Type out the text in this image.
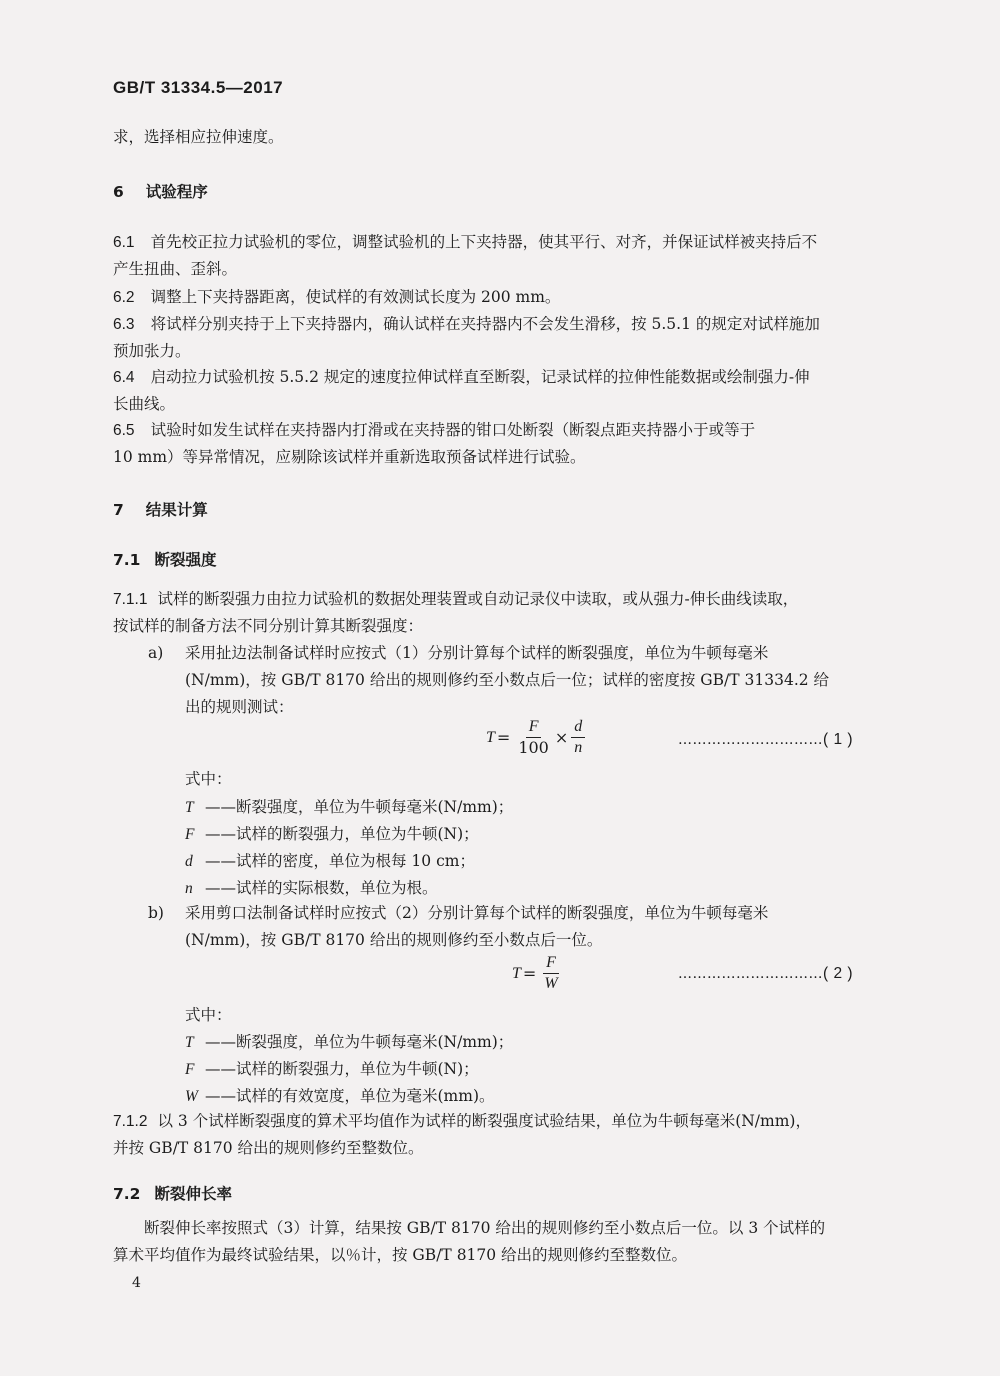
GB/T 31334.5—2017
求，选择相应拉伸速度。
6 试验程序
6.1 首先校正拉力试验机的零位，调整试验机的上下夹持器，使其平行、对齐，并保证试样被夹持后不
产生扭曲、歪斜。
6.2 调整上下夹持器距离，使试样的有效测试长度为 200 mm。
6.3 将试样分别夹持于上下夹持器内，确认试样在夹持器内不会发生滑移，按 5.5.1 的规定对试样施加
预加张力。
6.4 启动拉力试验机按 5.5.2 规定的速度拉伸试样直至断裂，记录试样的拉伸性能数据或绘制强力-伸
长曲线。
6.5 试验时如发生试样在夹持器内打滑或在夹持器的钳口处断裂（断裂点距夹持器小于或等于
10 mm）等异常情况，应剔除该试样并重新选取预备试样进行试验。
7 结果计算
7.1 断裂强度
7.1.1 试样的断裂强力由拉力试验机的数据处理装置或自动记录仪中读取，或从强力-伸长曲线读取，
按试样的制备方法不同分别计算其断裂强度：
a) 采用扯边法制备试样时应按式（1）分别计算每个试样的断裂强度，单位为牛顿每毫米
(N/mm)，按 GB/T 8170 给出的规则修约至小数点后一位；试样的密度按 GB/T 31334.2 给
出的规则测试：
$T = \frac{F}{100} \times \frac{d}{n}$	…………………………( 1 )
式中：
T ——断裂强度，单位为牛顿每毫米(N/mm)；
F ——试样的断裂强力，单位为牛顿(N)；
d ——试样的密度，单位为根每 10 cm；
n ——试样的实际根数，单位为根。
b) 采用剪口法制备试样时应按式（2）分别计算每个试样的断裂强度，单位为牛顿每毫米
(N/mm)，按 GB/T 8170 给出的规则修约至小数点后一位。
$T = \frac{F}{W}$	…………………………( 2 )
式中：
T ——断裂强度，单位为牛顿每毫米(N/mm)；
F ——试样的断裂强力，单位为牛顿(N)；
W ——试样的有效宽度，单位为毫米(mm)。
7.1.2 以 3 个试样断裂强度的算术平均值作为试样的断裂强度试验结果，单位为牛顿每毫米(N/mm)，
并按 GB/T 8170 给出的规则修约至整数位。
7.2 断裂伸长率
断裂伸长率按照式（3）计算，结果按 GB/T 8170 给出的规则修约至小数点后一位。以 3 个试样的
算术平均值作为最终试验结果，以％计，按 GB/T 8170 给出的规则修约至整数位。
4
